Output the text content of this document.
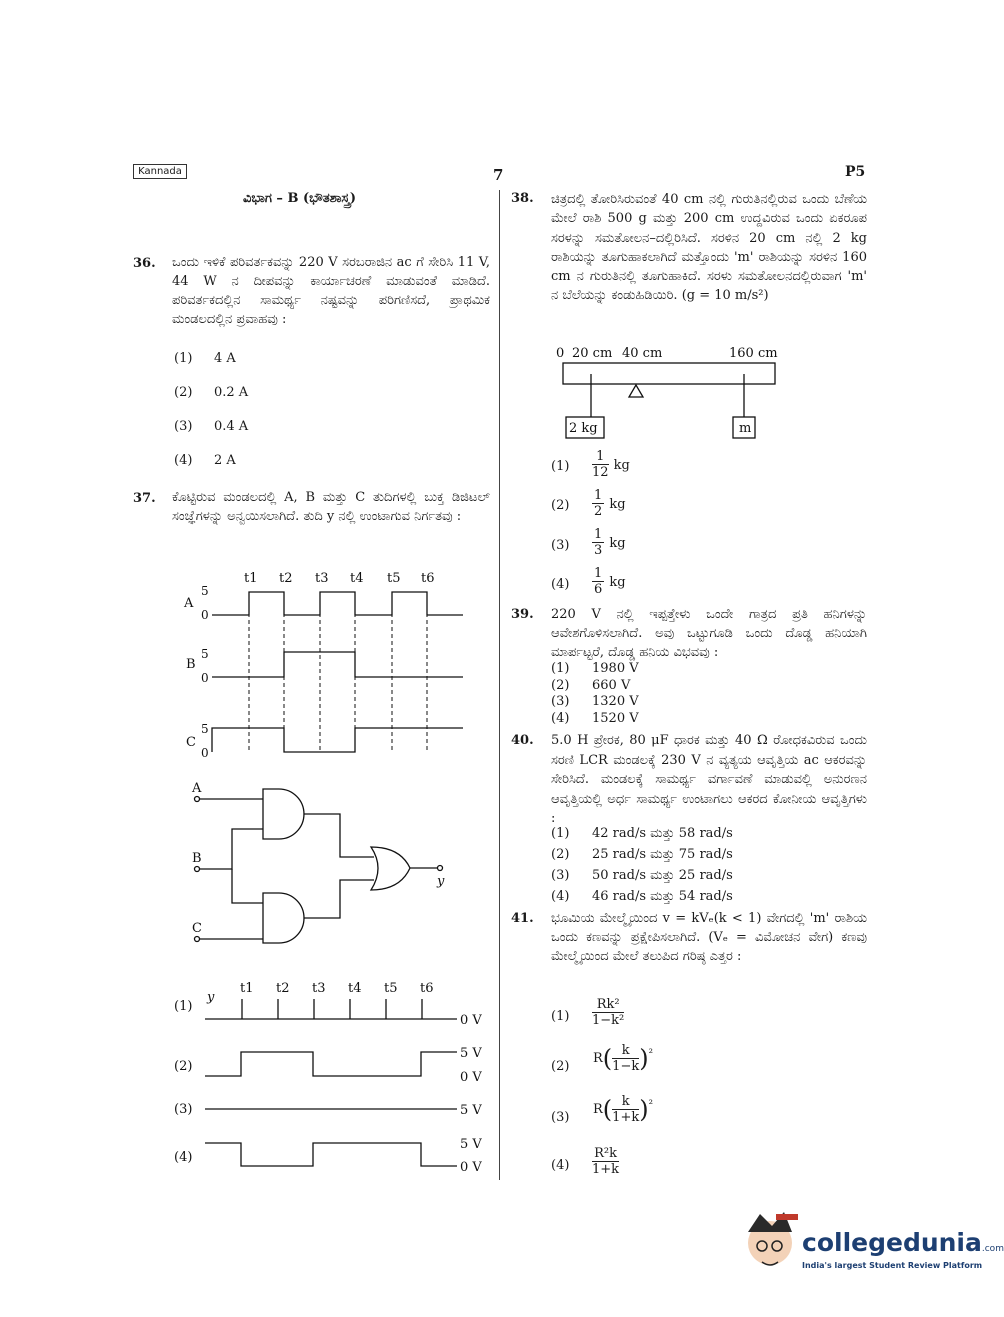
Kannada	7	P5
ವಿಭಾಗ – B (ಭೌತಶಾಸ್ತ್ರ)
36. ಒಂದು ಇಳಿಕೆ ಪರಿವರ್ತಕವನ್ನು 220 V ಸರಬರಾಜಿನ ac ಗೆ ಸೇರಿಸಿ 11 V, 44 W ನ ದೀಪವನ್ನು ಕಾರ್ಯಾಚರಣೆ ಮಾಡುವಂತೆ ಮಾಡಿದೆ. ಪರಿವರ್ತಕದಲ್ಲಿನ ಸಾಮರ್ಥ್ಯ ನಷ್ಟವನ್ನು ಪರಿಗಣಿಸದೆ, ಪ್ರಾಥಮಿಕ ಮಂಡಲದಲ್ಲಿನ ಪ್ರವಾಹವು :
(1) 4 A
(2) 0.2 A
(3) 0.4 A
(4) 2 A
37. ಕೊಟ್ಟಿರುವ ಮಂಡಲದಲ್ಲಿ A, B ಮತ್ತು C ತುದಿಗಳಲ್ಲಿ ಬುಕ್ತ ಡಿಜಿಟಲ್ ಸಂಜ್ಞೆಗಳನ್ನು ಅನ್ವಯಿಸಲಾಗಿದೆ. ತುದಿ y ನಲ್ಲಿ ಉಂಟಾಗುವ ನಿರ್ಗತವು :
t1 t2 t3 t4 t5 t6
A
B
C
5
0
5
0
5
0
A
B
C
y
(1)
y
t1 t2 t3 t4 t5 t6
0 V
(2)
5 V
0 V
(3)	5 V
(4)
5 V
0 V
0 20 cm 40 cm	160 cm
2 kg	m
38. ಚಿತ್ರದಲ್ಲಿ ತೋರಿಸಿರುವಂತೆ 40 cm ನಲ್ಲಿ ಗುರುತಿನಲ್ಲಿರುವ ಒಂದು ಬೆಣೆಯ ಮೇಲೆ ರಾಶಿ 500 g ಮತ್ತು 200 cm ಉದ್ದವಿರುವ ಒಂದು ಏಕರೂಪ ಸರಳನ್ನು ಸಮತೋಲನ–ದಲ್ಲಿರಿಸಿದೆ. ಸರಳಿನ 20 cm ನಲ್ಲಿ 2 kg ರಾಶಿಯನ್ನು ತೂಗುಹಾಕಲಾಗಿದೆ ಮತ್ತೊಂದು 'm' ರಾಶಿಯನ್ನು ಸರಳಿನ 160 cm ನ ಗುರುತಿನಲ್ಲಿ ತೂಗುಹಾಕಿದೆ. ಸರಳು ಸಮತೋಲನದಲ್ಲಿರುವಾಗ 'm' ನ ಬೆಲೆಯನ್ನು ಕಂಡುಹಿಡಿಯಿರಿ. (g = 10 m/s²)
$(1) \frac{1}{12}$ kg
$(2) \frac{1}{2}$ kg
$(3) \frac{1}{3}$ kg
$(4) \frac{1}{6}$ kg
39. 220 V ನಲ್ಲಿ ಇಪ್ಪತ್ತೇಳು ಒಂದೇ ಗಾತ್ರದ ಪ್ರತಿ ಹನಿಗಳನ್ನು ಆವೇಶಗೊಳಿಸಲಾಗಿದೆ. ಅವು ಒಟ್ಟುಗೂಡಿ ಒಂದು ದೊಡ್ಡ ಹನಿಯಾಗಿ ಮಾರ್ಪಟ್ಟರೆ, ದೊಡ್ಡ ಹನಿಯ ವಿಭವವು :
(1) 1980 V
(2) 660 V
(3) 1320 V
(4) 1520 V
40. 5.0 H ಪ್ರೇರಕ, 80 μF ಧಾರಕ ಮತ್ತು 40 Ω ರೋಧಕವಿರುವ ಒಂದು ಸರಣಿ LCR ಮಂಡಲಕ್ಕೆ 230 V ನ ವ್ಯತ್ಯಯ ಆವೃತ್ತಿಯ ac ಆಕರವನ್ನು ಸೇರಿಸಿದೆ. ಮಂಡಲಕ್ಕೆ ಸಾಮರ್ಥ್ಯ ವರ್ಗಾವಣೆ ಮಾಡುವಲ್ಲಿ ಅನುರಣನ ಆವೃತ್ತಿಯಲ್ಲಿ ಅರ್ಧ ಸಾಮರ್ಥ್ಯ ಉಂಟಾಗಲು ಆಕರದ ಕೋನೀಯ ಆವೃತ್ತಿಗಳು :
(1) 42 rad/s ಮತ್ತು 58 rad/s
(2) 25 rad/s ಮತ್ತು 75 rad/s
(3) 50 rad/s ಮತ್ತು 25 rad/s
(4) 46 rad/s ಮತ್ತು 54 rad/s
41. ಭೂಮಿಯ ಮೇಲ್ಮೈಯಿಂದ v = kVₑ(k < 1) ವೇಗದಲ್ಲಿ 'm' ರಾಶಿಯ ಒಂದು ಕಣವನ್ನು ಪ್ರಕ್ಷೇಪಿಸಲಾಗಿದೆ. (Vₑ = ವಿಮೋಚನ ವೇಗ) ಕಣವು ಮೇಲ್ಮೈಯಿಂದ ಮೇಲೆ ತಲುಪಿದ ಗರಿಷ್ಠ ಎತ್ತರ :
$(1) \frac{\text{Rk²}}{\text{1−k²}}$
(2)
$R( \frac{k}{1-k} )^{^2}$
(3)
$R( \frac{k}{1+k} )^{^2}$
$(4) \frac{\text{R²k}}{1+k}$
collegedunia.com
India's largest Student Review Platform
